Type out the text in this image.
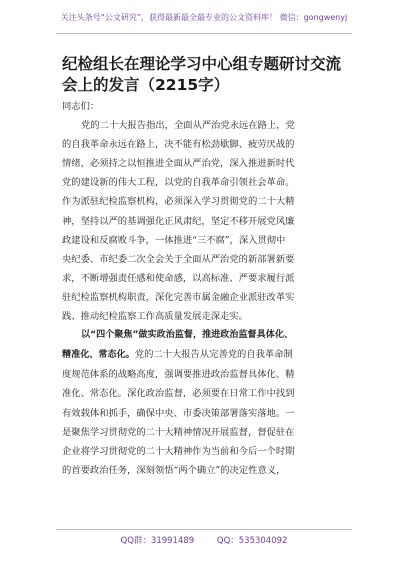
关注头条号“公文研究”，获得最新最全最专业的公文资料库！ 微信：gongwenyj
纪检组长在理论学习中心组专题研讨交流
会上的发言（2215字）
同志们：
党的二十大报告指出，全面从严治党永远在路上，党
的自我革命永远在路上，决不能有松劲歇脚、疲劳厌战的
情绪，必须持之以恒推进全面从严治党，深入推进新时代
党的建设新的伟大工程，以党的自我革命引领社会革命。
作为派驻纪检监察机构，必须深入学习贯彻党的二十大精
神，坚持以严的基调强化正风肃纪，坚定不移开展党风廉
政建设和反腐败斗争，一体推进“三不腐”，深入贯彻中
央纪委、市纪委二次全会关于全面从严治党的新部署新要
求，不断增强责任感和使命感，以高标准、严要求履行派
驻纪检监察机构职责，深化完善市属金融企业派驻改革实
践、推动纪检监察工作高质量发展走深走实。
以“四个聚焦”做实政治监督，推进政治监督具体化、
精准化、常态化。党的二十大报告从完善党的自我革命制
度规范体系的战略高度，强调要推进政治监督具体化、精
准化、常态化。深化政治监督，必须要在日常工作中找到
有效载体和抓手，确保中央、市委决策部署落实落地。一
是聚焦学习贯彻党的二十大精神情况开展监督，督促驻在
企业将学习贯彻党的二十大精神作为当前和今后一个时期
的首要政治任务，深刻领悟“两个确立”的决定性意义，
QQ群：31991489	QQ：535304092
